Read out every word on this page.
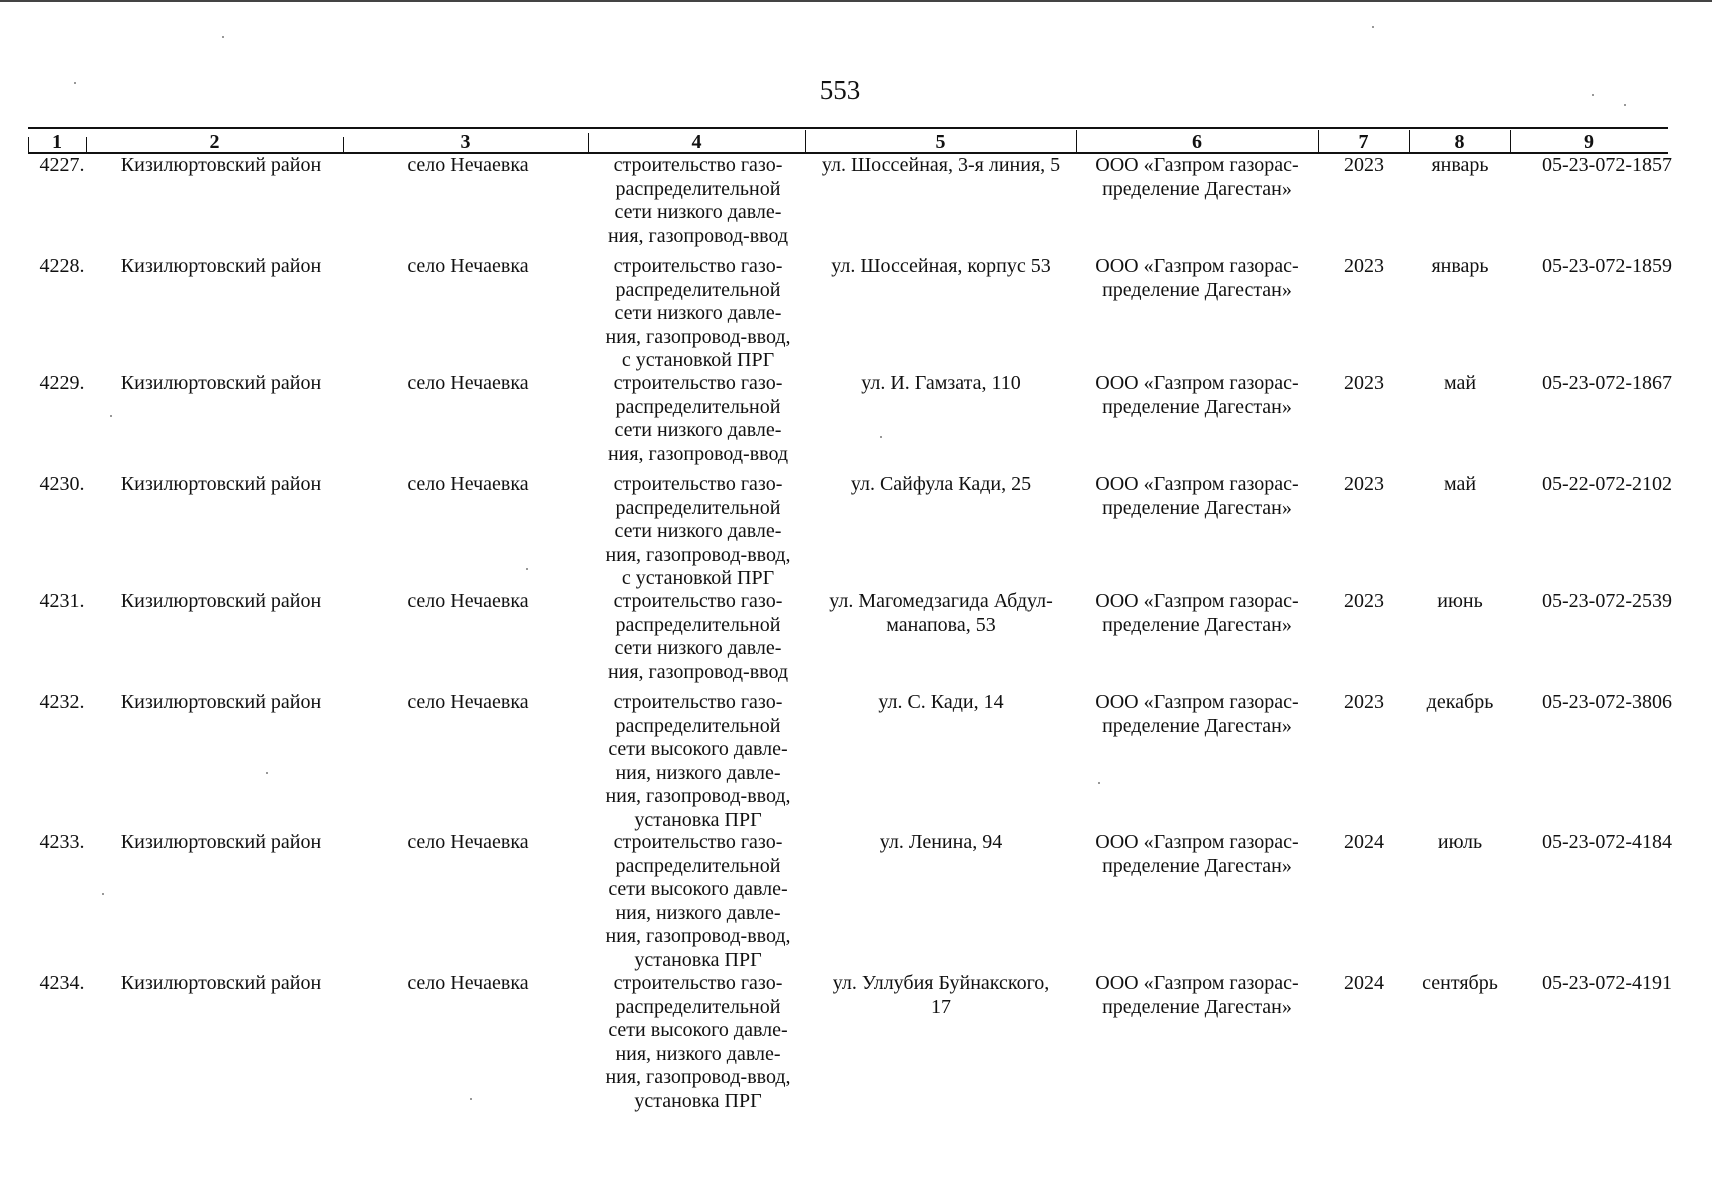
553
1	2	3	4	5	6	7	8	9
4227.	Кизилюртовский район	село Нечаевка	строительство газо-
распределительной
сети низкого давле-
ния, газопровод-ввод
ул. Шоссейная, 3-я линия, 5	ООО «Газпром газорас-
пределение Дагестан»
2023	январь	05-23-072-1857
4228.	Кизилюртовский район	село Нечаевка	строительство газо-
распределительной
сети низкого давле-
ния, газопровод-ввод,
с установкой ПРГ
ул. Шоссейная, корпус 53	ООО «Газпром газорас-
пределение Дагестан»
2023	январь	05-23-072-1859
4229.	Кизилюртовский район	село Нечаевка	строительство газо-
распределительной
сети низкого давле-
ния, газопровод-ввод
ул. И. Гамзата, 110	ООО «Газпром газорас-
пределение Дагестан»
2023	май	05-23-072-1867
4230.	Кизилюртовский район	село Нечаевка	строительство газо-
распределительной
сети низкого давле-
ния, газопровод-ввод,
с установкой ПРГ
ул. Сайфула Кади, 25	ООО «Газпром газорас-
пределение Дагестан»
2023	май	05-22-072-2102
4231.	Кизилюртовский район	село Нечаевка	строительство газо-
распределительной
сети низкого давле-
ния, газопровод-ввод
ул. Магомедзагида Абдул-
манапова, 53
ООО «Газпром газорас-
пределение Дагестан»
2023	июнь	05-23-072-2539
4232.	Кизилюртовский район	село Нечаевка	строительство газо-
распределительной
сети высокого давле-
ния, низкого давле-
ния, газопровод-ввод,
установка ПРГ
ул. С. Кади, 14	ООО «Газпром газорас-
пределение Дагестан»
2023	декабрь	05-23-072-3806
4233.	Кизилюртовский район	село Нечаевка	строительство газо-
распределительной
сети высокого давле-
ния, низкого давле-
ния, газопровод-ввод,
установка ПРГ
ул. Ленина, 94	ООО «Газпром газорас-
пределение Дагестан»
2024	июль	05-23-072-4184
4234.	Кизилюртовский район	село Нечаевка	строительство газо-
распределительной
сети высокого давле-
ния, низкого давле-
ния, газопровод-ввод,
установка ПРГ
ул. Уллубия Буйнакского,
17
ООО «Газпром газорас-
пределение Дагестан»
2024	сентябрь	05-23-072-4191
